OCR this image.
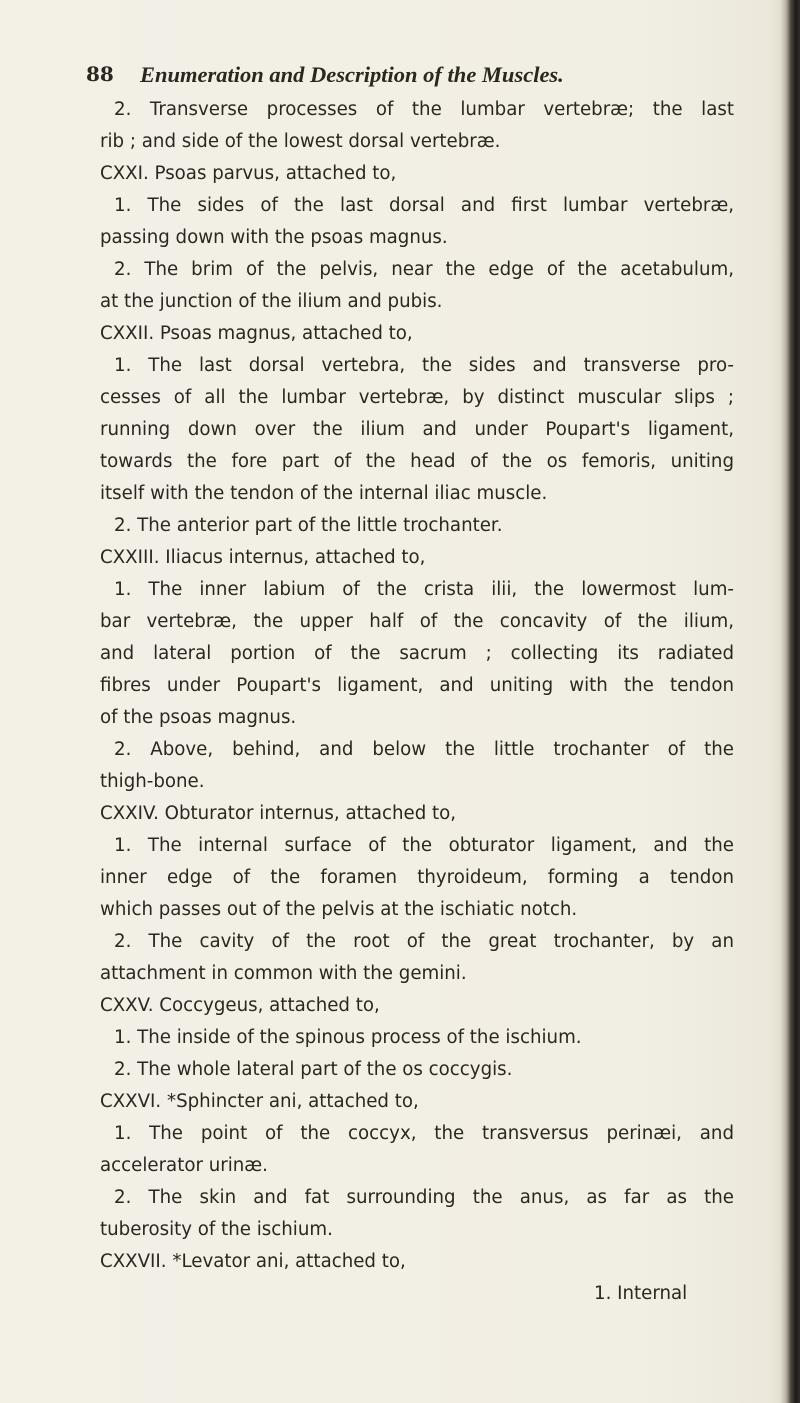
88 Enumeration and Description of the Muscles.
2. Transverse processes of the lumbar vertebræ; the last
rib ; and side of the lowest dorsal vertebræ.
CXXI. Psoas parvus, attached to,
1. The sides of the last dorsal and first lumbar vertebræ,
passing down with the psoas magnus.
2. The brim of the pelvis, near the edge of the acetabulum,
at the junction of the ilium and pubis.
CXXII. Psoas magnus, attached to,
1. The last dorsal vertebra, the sides and transverse pro-
cesses of all the lumbar vertebræ, by distinct muscular slips ;
running down over the ilium and under Poupart's ligament,
towards the fore part of the head of the os femoris, uniting
itself with the tendon of the internal iliac muscle.
2. The anterior part of the little trochanter.
CXXIII. Iliacus internus, attached to,
1. The inner labium of the crista ilii, the lowermost lum-
bar vertebræ, the upper half of the concavity of the ilium,
and lateral portion of the sacrum ; collecting its radiated
fibres under Poupart's ligament, and uniting with the tendon
of the psoas magnus.
2. Above, behind, and below the little trochanter of the
thigh-bone.
CXXIV. Obturator internus, attached to,
1. The internal surface of the obturator ligament, and the
inner edge of the foramen thyroideum, forming a tendon
which passes out of the pelvis at the ischiatic notch.
2. The cavity of the root of the great trochanter, by an
attachment in common with the gemini.
CXXV. Coccygeus, attached to,
1. The inside of the spinous process of the ischium.
2. The whole lateral part of the os coccygis.
CXXVI. *Sphincter ani, attached to,
1. The point of the coccyx, the transversus perinæi, and
accelerator urinæ.
2. The skin and fat surrounding the anus, as far as the
tuberosity of the ischium.
CXXVII. *Levator ani, attached to,
1. Internal
